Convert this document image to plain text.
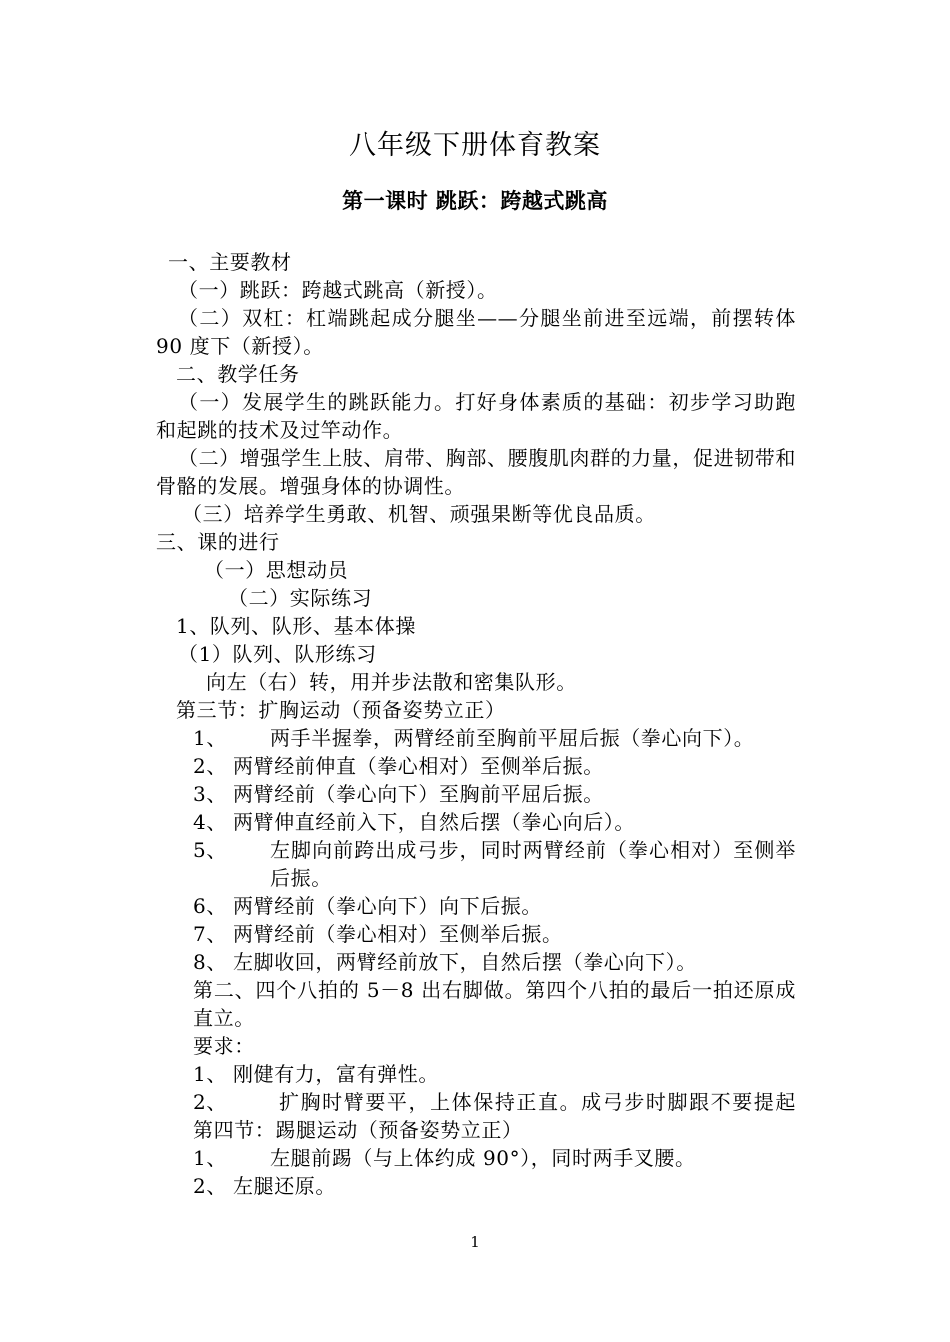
八年级下册体育教案
第一课时 跳跃：跨越式跳高
一、主要教材
（一）跳跃：跨越式跳高（新授）。
（二）双杠：杠端跳起成分腿坐——分腿坐前进至远端，前摆转体
90 度下（新授）。
二、教学任务
（一）发展学生的跳跃能力。打好身体素质的基础：初步学习助跑
和起跳的技术及过竿动作。
（二）增强学生上肢、肩带、胸部、腰腹肌肉群的力量，促进韧带和
骨骼的发展。增强身体的协调性。
（三）培养学生勇敢、机智、顽强果断等优良品质。
三、课的进行
（一）思想动员
（二）实际练习
1、队列、队形、基本体操
（1）队列、队形练习
向左（右）转，用并步法散和密集队形。
第三节：扩胸运动（预备姿势立正）
1、 两手半握拳，两臂经前至胸前平屈后振（拳心向下）。
2、 两臂经前伸直（拳心相对）至侧举后振。
3、 两臂经前（拳心向下）至胸前平屈后振。
4、 两臂伸直经前入下，自然后摆（拳心向后）。
5、 左脚向前跨出成弓步，同时两臂经前（拳心相对）至侧举
后振。
6、 两臂经前（拳心向下）向下后振。
7、 两臂经前（拳心相对）至侧举后振。
8、 左脚收回，两臂经前放下，自然后摆（拳心向下）。
第二、四个八拍的 5－8 出右脚做。第四个八拍的最后一拍还原成
直立。
要求：
1、 刚健有力，富有弹性。
2、	扩胸时臂要平，上体保持正直。成弓步时脚跟不要提起
第四节：踢腿运动（预备姿势立正）
1、 左腿前踢（与上体约成 90°），同时两手叉腰。
2、 左腿还原。
1
